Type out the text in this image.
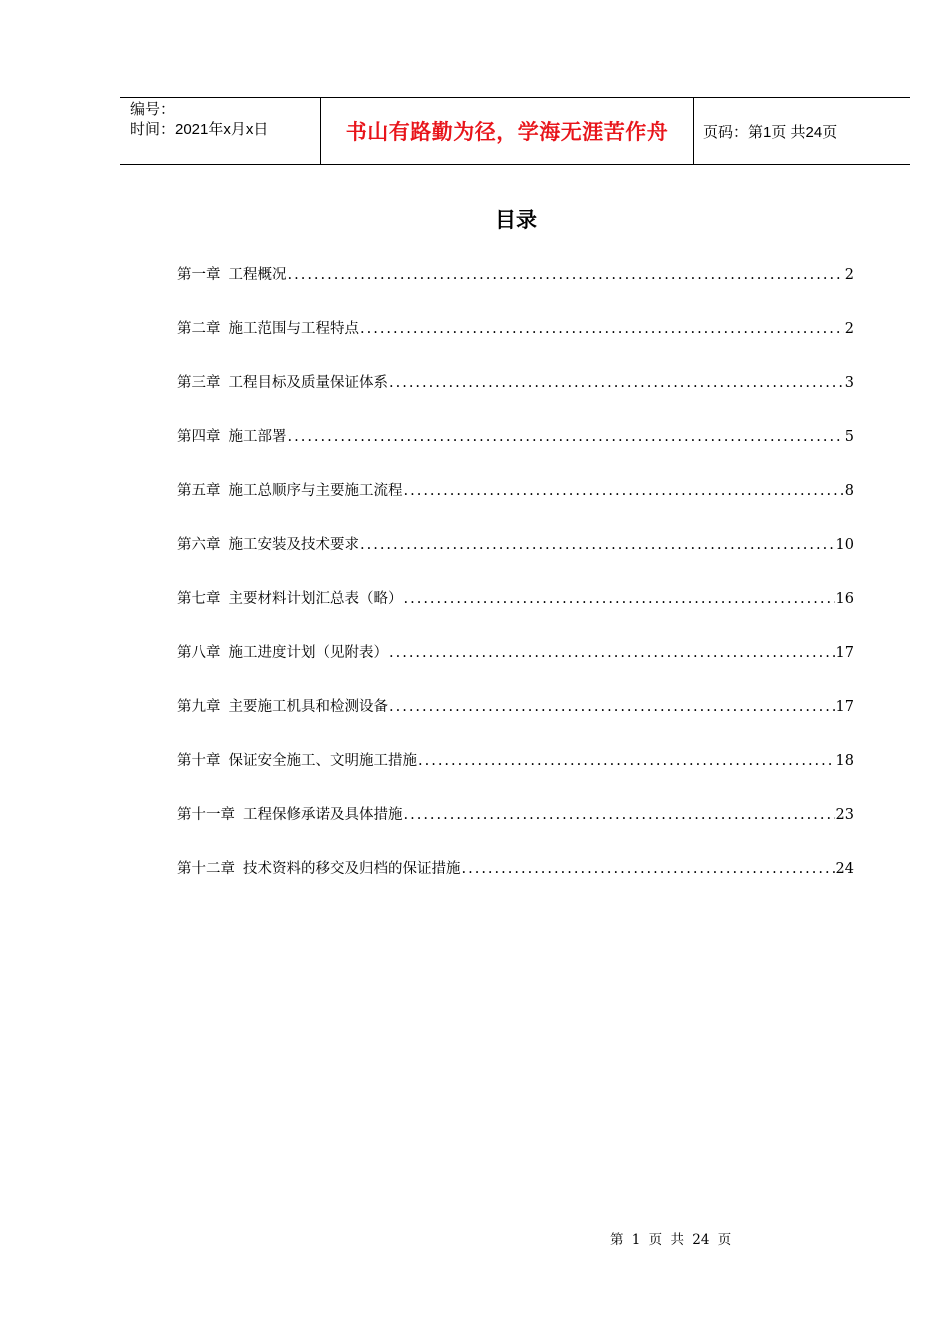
编号：
时间：2021年x月x日	书山有路勤为径，学海无涯苦作舟	页码：第1页 共24页
目录
第一章 工程概况 .....	2
第二章 施工范围与工程特点 .....	2
第三章 工程目标及质量保证体系 .....	3
第四章 施工部署 .....	5
第五章 施工总顺序与主要施工流程 .....	8
第六章 施工安装及技术要求 .....	10
第七章 主要材料计划汇总表（略） .....	16
第八章 施工进度计划（见附表） .....	17
第九章 主要施工机具和检测设备 .....	17
第十章 保证安全施工、文明施工措施 .....	18
第十一章 工程保修承诺及具体措施 .....	23
第十二章 技术资料的移交及归档的保证措施 .....	24
第 1 页 共 24 页
